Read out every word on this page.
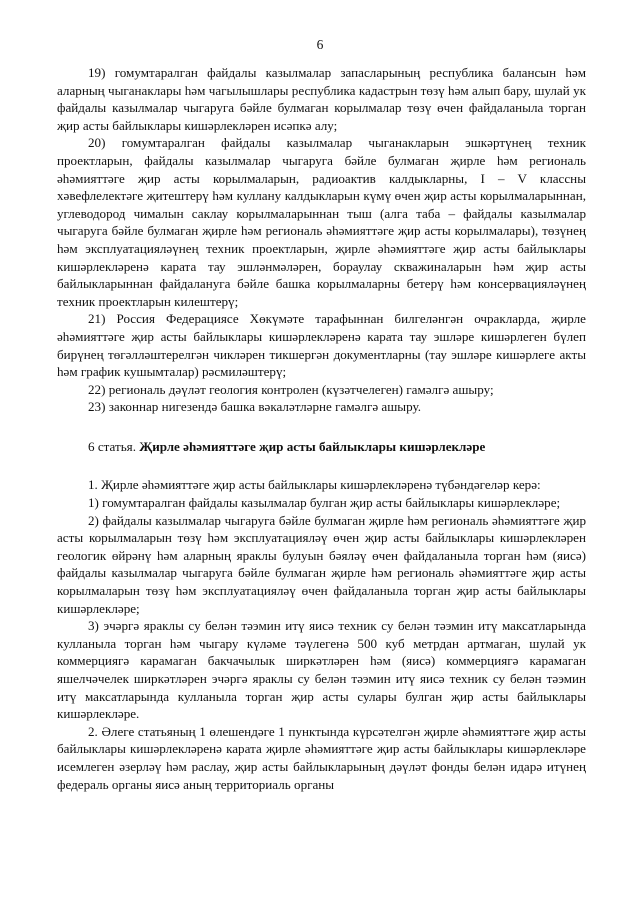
6

19) гомумтаралган файдалы казылмалар запасларының республика балансын һәм аларның чыганаклары һәм чагылышлары республика кадастрын төзү һәм алып бару, шулай ук файдалы казылмалар чыгаруга бәйле булмаган корылмалар төзү өчен файдаланыла торган җир асты байлыклары кишәрлекләрен исәпкә алу;

20) гомумтаралган файдалы казылмалар чыганакларын эшкәртүнең техник проектларын, файдалы казылмалар чыгаруга бәйле булмаган җирле һәм региональ әһәмияттәге җир асты корылмаларын, радиоактив калдыкларны, I – V классны хәвефлелектәге җитештерү һәм куллану калдыкларын күмү өчен җир асты корылмаларыннан, углеводород чималын саклау корылмаларыннан тыш (алга таба – файдалы казылмалар чыгаруга бәйле булмаган җирле һәм региональ әһәмияттәге җир асты корылмалары), төзүнең һәм эксплуатацияләүнең техник проектларын, җирле әһәмияттәге җир асты байлыклары кишәрлекләренә карата тау эшләнмәләрен, бораулау скважиналарын һәм җир асты байлыкларыннан файдалануга бәйле башка корылмаларны бетерү һәм консервацияләүнең техник проектларын килештерү;

21) Россия Федерациясе Хөкүмәте тарафыннан билгеләнгән очракларда, җирле әһәмияттәге җир асты байлыклары кишәрлекләренә карата тау эшләре кишәрлеген бүлеп бирүнең төгәлләштерелгән чикләрен тикшергән документларны (тау эшләре кишәрлеге акты һәм график кушымталар) рәсмиләштерү;

22) региональ дәүләт геология контролен (күзәтчелеген) гамәлгә ашыру;

23) законнар нигезендә башка вәкаләтләрне гамәлгә ашыру.

6 статья. Җирле әһәмияттәге җир асты байлыклары кишәрлекләре

1. Җирле әһәмияттәге җир асты байлыклары кишәрлекләренә түбәндәгеләр керә:

1) гомумтаралган файдалы казылмалар булган җир асты байлыклары кишәрлекләре;

2) файдалы казылмалар чыгаруга бәйле булмаган җирле һәм региональ әһәмияттәге җир асты корылмаларын төзү һәм эксплуатацияләү өчен җир асты байлыклары кишәрлекләрен геологик өйрәнү һәм аларның яраклы булуын бәяләү өчен файдаланыла торган һәм (яисә) файдалы казылмалар чыгаруга бәйле булмаган җирле һәм региональ әһәмияттәге җир асты корылмаларын төзү һәм эксплуатацияләү өчен файдаланыла торган җир асты байлыклары кишәрлекләре;

3) эчәргә яраклы су белән тәэмин итү яисә техник су белән тәэмин итү максатларында кулланыла торган һәм чыгару күләме тәүлегенә 500 куб метрдан артмаган, шулай ук коммерциягә карамаган бакчачылык ширкәтләрен һәм (яисә) коммерциягә карамаган яшелчәчелек ширкәтләрен эчәргә яраклы су белән тәэмин итү яисә техник су белән тәэмин итү максатларында кулланыла торган җир асты сулары булган җир асты байлыклары кишәрлекләре.

2. Әлеге статьяның 1 өлешендәге 1 пунктында күрсәтелгән җирле әһәмияттәге җир асты байлыклары кишәрлекләренә карата җирле әһәмияттәге җир асты байлыклары кишәрлекләре исемлеген әзерләү һәм раслау, җир асты байлыкларының дәүләт фонды белән идарә итүнең федераль органы яисә аның территориаль органы
